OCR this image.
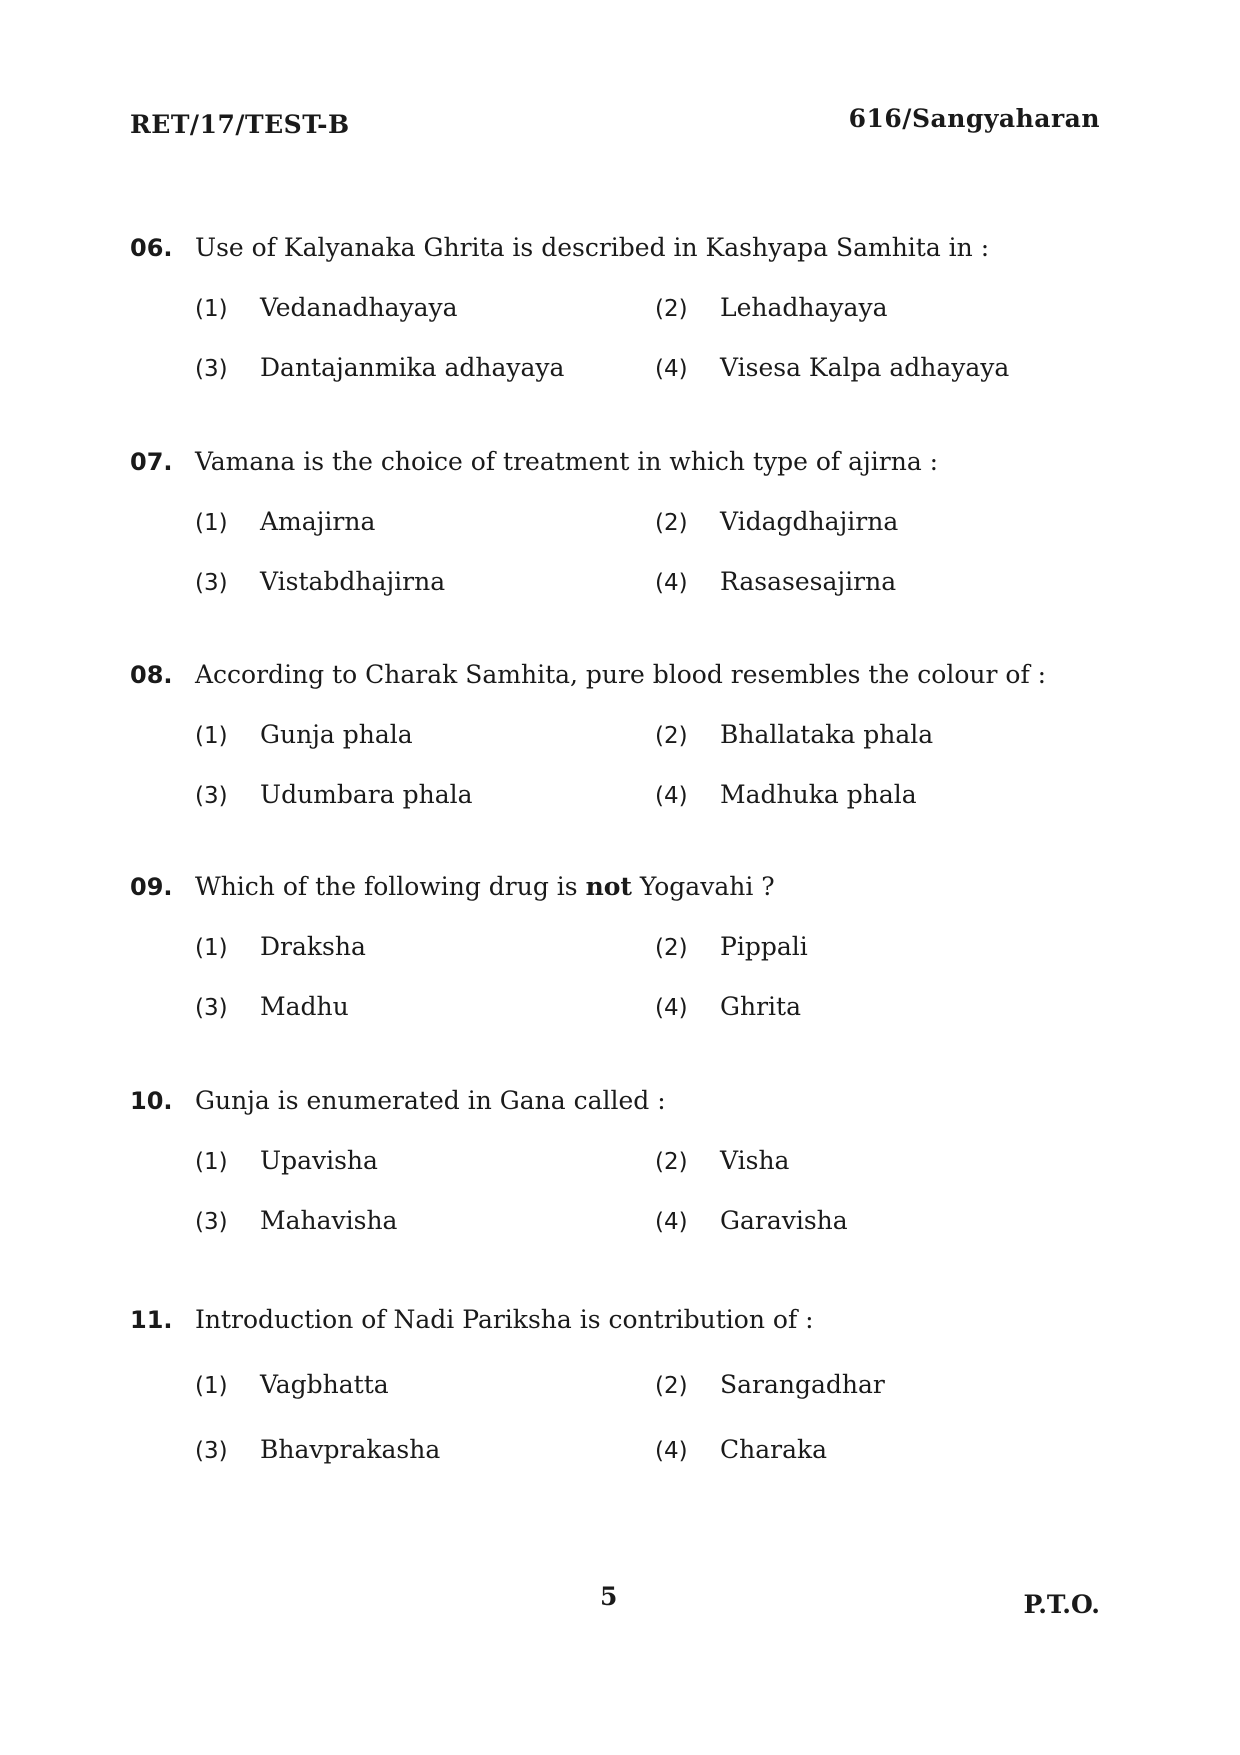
RET/17/TEST-B	616/Sangyaharan
06. Use of Kalyanaka Ghrita is described in Kashyapa Samhita in :
(1) Vedanadhayaya	(2) Lehadhayaya
(3) Dantajanmika adhayaya	(4) Visesa Kalpa adhayaya
07. Vamana is the choice of treatment in which type of ajirna :
(1) Amajirna	(2) Vidagdhajirna
(3) Vistabdhajirna	(4) Rasasesajirna
08. According to Charak Samhita, pure blood resembles the colour of :
(1) Gunja phala	(2) Bhallataka phala
(3) Udumbara phala	(4) Madhuka phala
09. Which of the following drug is not Yogavahi ?
(1) Draksha	(2) Pippali
(3) Madhu	(4) Ghrita
10. Gunja is enumerated in Gana called :
(1) Upavisha	(2) Visha
(3) Mahavisha	(4) Garavisha
11. Introduction of Nadi Pariksha is contribution of :
(1) Vagbhatta	(2) Sarangadhar
(3) Bhavprakasha	(4) Charaka
5	P.T.O.
